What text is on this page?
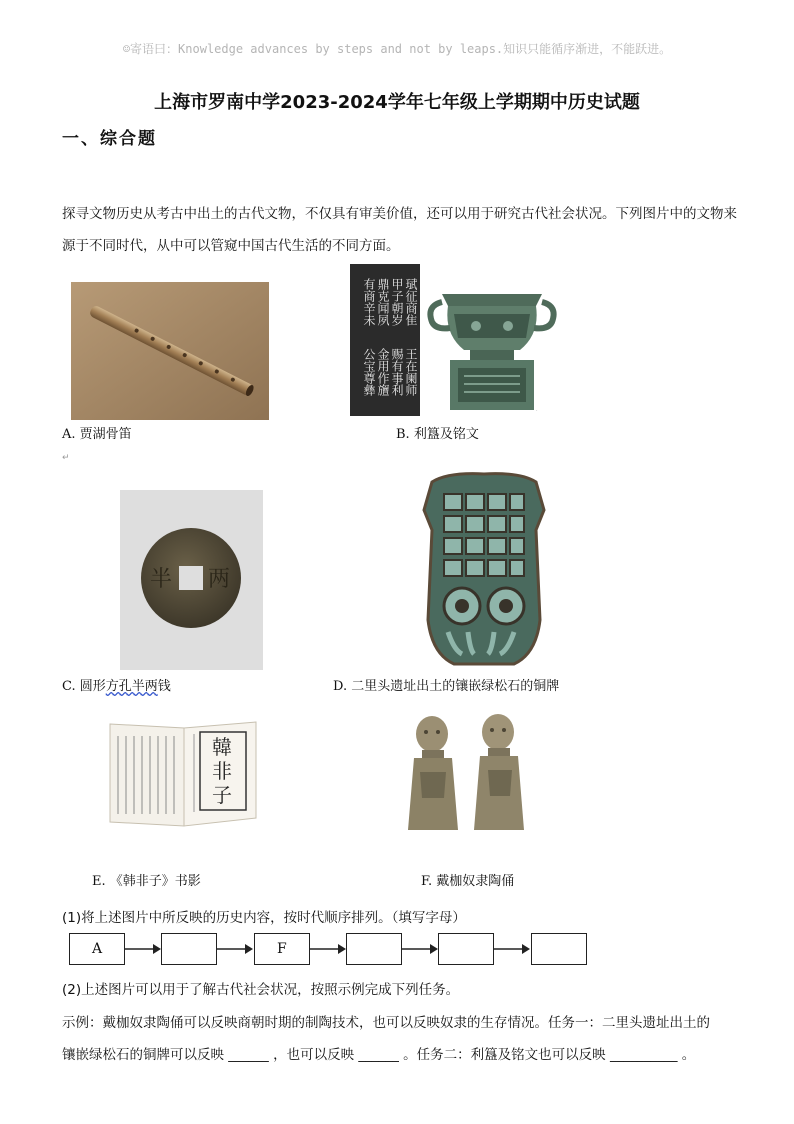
☺寄语曰：Knowledge advances by steps and not by leaps.知识只能循序渐进，不能跃进。
上海市罗南中学2023-2024学年七年级上学期期中历史试题
一、综合题
探寻文物历史从考古中出土的古代文物，不仅具有审美价值，还可以用于研究古代社会状况。下列图片中的文物来源于不同时代，从中可以管窥中国古代生活的不同方面。
A. 贾湖骨笛
珷征商隹
甲子朝岁
鼎克闻夙
有商辛未
王在阑师
赐有事利
金用作旜
公宝尊彝
·
B. 利簋及铭文
↵
半 两
C. 圆形方孔半两钱	D. 二里头遗址出土的镶嵌绿松石的铜牌
韓
非
子
E. 《韩非子》书影	F. 戴枷奴隶陶俑
(1)将上述图片中所反映的历史内容，按时代顺序排列。（填写字母）
A	F
(2)上述图片可以用于了解古代社会状况，按照示例完成下列任务。
示例：戴枷奴隶陶俑可以反映商朝时期的制陶技术，也可以反映奴隶的生存情况。任务一：二里头遗址出土的
镶嵌绿松石的铜牌可以反映 ______ ，也可以反映 ______ 。任务二：利簋及铭文也可以反映 __________ 。
